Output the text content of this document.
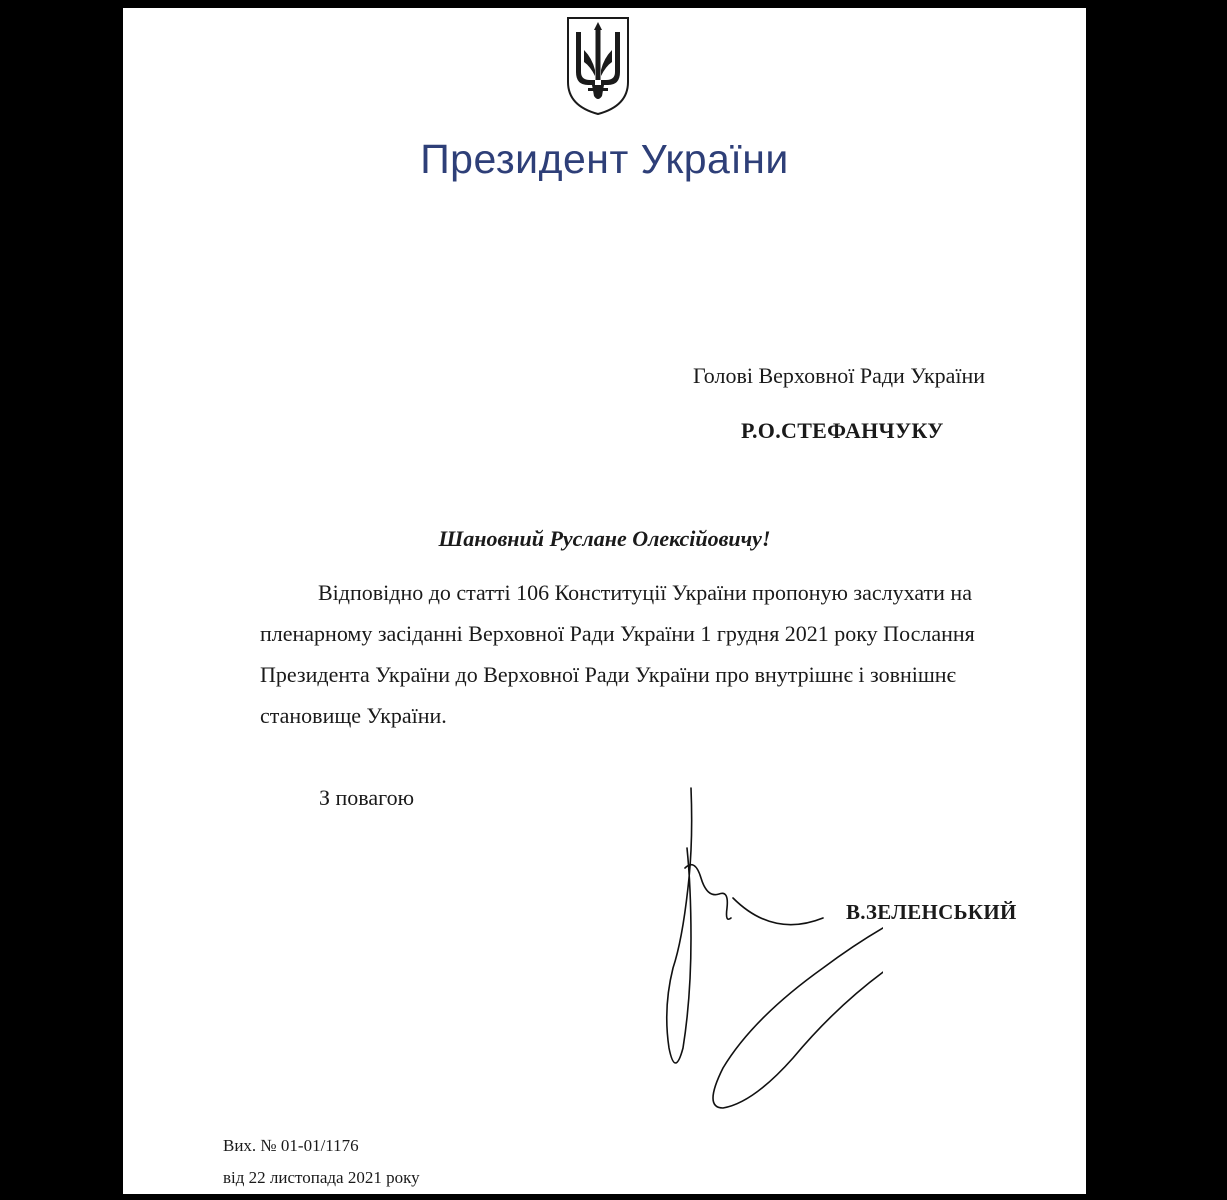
Президент України
Голові Верховної Ради України
Р.О.СТЕФАНЧУКУ
Шановний Руслане Олексійовичу!
Відповідно до статті 106 Конституції України пропоную заслухати на
пленарному засіданні Верховної Ради України 1 грудня 2021 року Послання
Президента України до Верховної Ради України про внутрішнє і зовнішнє
становище України.
З повагою
В.ЗЕЛЕНСЬКИЙ
Вих. № 01-01/1176
від 22 листопада 2021 року
